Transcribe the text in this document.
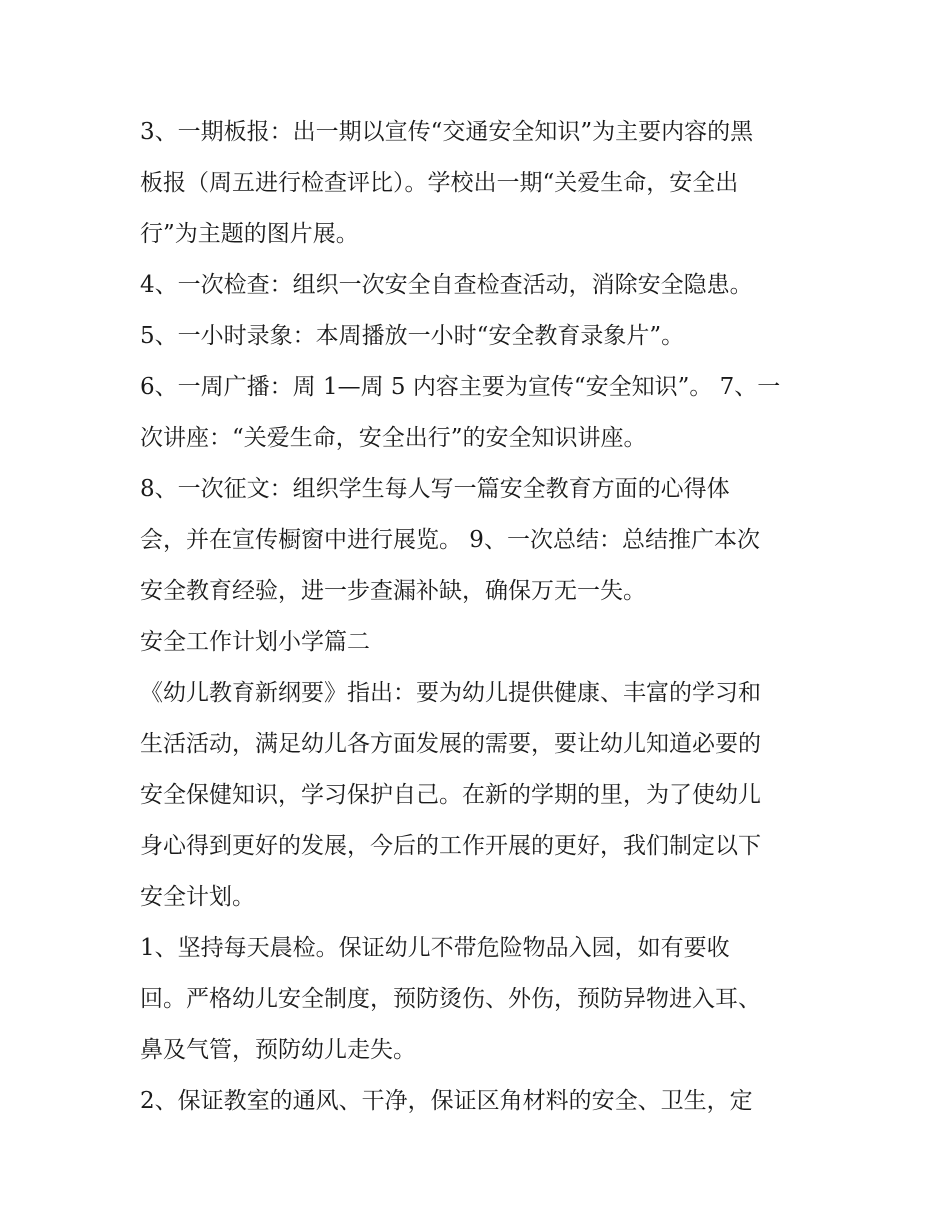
3、一期板报：出一期以宣传“交通安全知识”为主要内容的黑
板报（周五进行检查评比）。学校出一期“关爱生命，安全出
行”为主题的图片展。
4、一次检查：组织一次安全自查检查活动，消除安全隐患。
5、一小时录象：本周播放一小时“安全教育录象片”。
6、一周广播：周 1—周 5 内容主要为宣传“安全知识”。 7、一
次讲座：“关爱生命，安全出行”的安全知识讲座。
8、一次征文：组织学生每人写一篇安全教育方面的心得体
会，并在宣传橱窗中进行展览。 9、一次总结：总结推广本次
安全教育经验，进一步查漏补缺，确保万无一失。
安全工作计划小学篇二
《幼儿教育新纲要》指出：要为幼儿提供健康、丰富的学习和
生活活动，满足幼儿各方面发展的需要，要让幼儿知道必要的
安全保健知识，学习保护自己。在新的学期的里，为了使幼儿
身心得到更好的发展，今后的工作开展的更好，我们制定以下
安全计划。
1、坚持每天晨检。保证幼儿不带危险物品入园，如有要收
回。严格幼儿安全制度，预防烫伤、外伤，预防异物进入耳、
鼻及气管，预防幼儿走失。
2、保证教室的通风、干净，保证区角材料的安全、卫生，定
